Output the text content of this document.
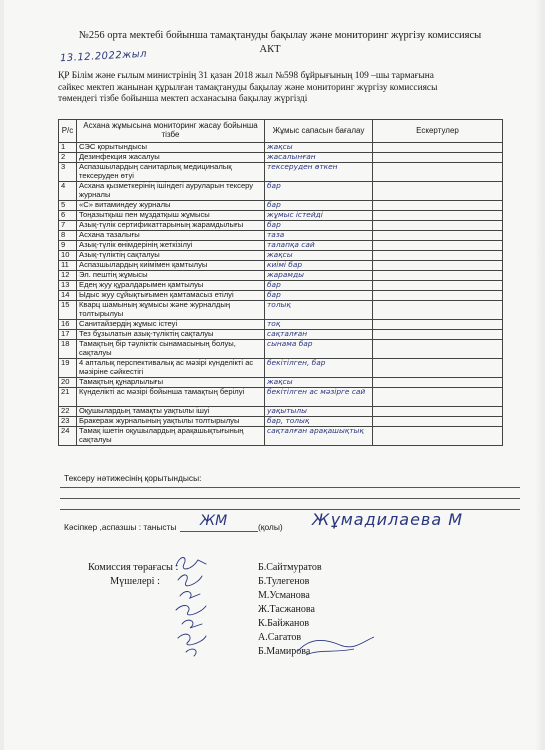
№256 орта мектебі бойынша тамақтануды бақылау және мониторинг жүргізу комиссиясы
АКТ
13.12.2022жыл
ҚР Білім және ғылым министрінің 31 қазан 2018 жыл №598 бұйрығының 109 –шы тармағына
сәйкес мектеп жанынан құрылған тамақтануды бақылау және мониторинг жүргізу комиссиясы
төмендегі тізбе бойынша мектеп асханасына бақылау жүргізді
Р/с	Асхана жұмысына мониторинг жасау бойынша тізбе	Жұмыс сапасын бағалау	Ескертулер
1	СЭС қорытындысы	жақсы	
2	Дезинфекция жасалуы	жасалынған	
3	Аспазшылардың санитарлық медициналық тексеруден өтуі	тексеруден өткен	
4	Асхана қызметкерінің ішіндегі ауруларын тексеру журналы	бар	
5	«С» витаминдеу журналы	бар	
6	Тоңазытқыш пен мұздатқыш жұмысы	жұмыс істейді	
7	Азық-түлік сертификаттарының жарамдылығы	бар	
8	Асхана тазалығы	таза	
9	Азық-түлік өнімдерінің жеткізілуі	талапқа сай	
10	Азық-түліктің сақталуы	жақсы	
11	Аспазшылардың киімімен қамтылуы	киімі бар	
12	Эл. пештің жұмысы	жарамды	
13	Едең жуу құралдарымен қамтылуы	бар	
14	Ыдыс жуу сұйықтығымен қамтамасыз етілуі	бар	
15	Кварц шамының жұмысы және журналдың толтырылуы	толық	
16	Санитайзердің жұмыс істеуі	тоқ	
17	Тез бұзылатын азық-түліктің сақталуы	сақталған	
18	Тамақтың бір тәуліктік сынамасының болуы, сақталуы	сынама бар	
19	4 апталық перспективалық ас мәзірі күнделікті ас мәзіріне сәйкестігі	бекітілген, бар	
20	Тамақтың құнарлылығы	жақсы	
21	Күнделікті ас мәзірі бойынша тамақтың берілуі	бекітілген ас мәзірге сай	
22	Оқушылардың тамақты уақтылы ішуі	уақытылы	
23	Бракераж журналының уақтылы толтырылуы	бар, толық	
24	Тамақ ішетін оқушылардың арақашықтығының сақталуы	сақталған арақашықтық	
Тексеру нәтижесінің қорытындысы:
Кәсіпкер ,аспазшы : танысты ЖМ	(қолы) Жұмадилаева М
Комиссия төрағасы :
Мүшелері :
Б.Сайтмуратов
Б.Тулегенов
М.Усманова
Ж.Тасжанова
К.Байжанов
А.Сагатов
Б.Мамирова
